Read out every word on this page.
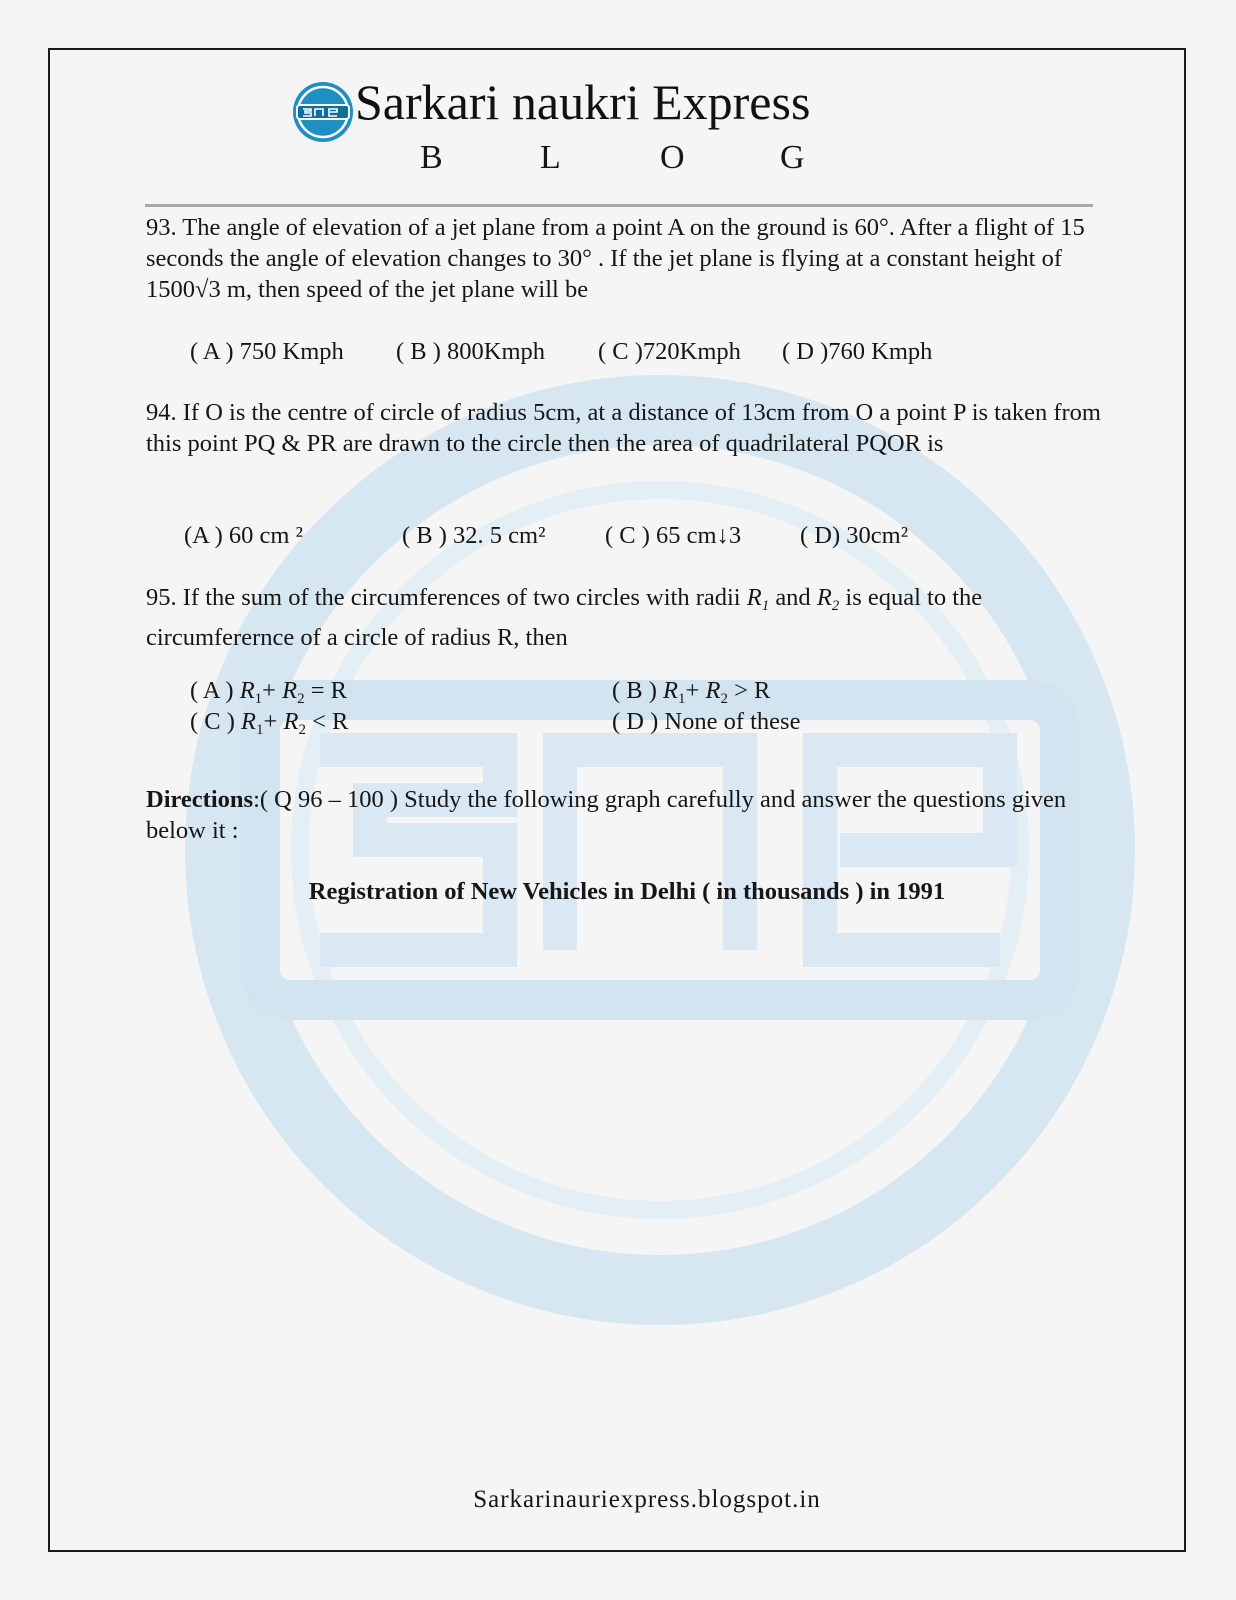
Sarkari naukri Express
B	L	O	G
93. The angle of elevation of a jet plane from a point A on the ground is 60°. After a flight of 15 seconds the angle of elevation changes to 30° . If the jet plane is flying at a constant height of 1500√3 m, then speed of the jet plane will be
( A ) 750 Kmph ( B ) 800Kmph ( C )720Kmph ( D )760 Kmph
94. If O is the centre of circle of radius 5cm, at a distance of 13cm from O a point P is taken from this point PQ & PR are drawn to the circle then the area of quadrilateral PQOR is
(A ) 60 cm ²	( B ) 32. 5 cm² ( C ) 65 cm↓3 ( D) 30cm²
95. If the sum of the circumferences of two circles with radii $R_1$ and $R_2$ is equal to the circumferernce of a circle of radius R, then
( A ) $R_1+ R_2 = R$	( B ) $R_1+ R_2 > R$
( C ) $R_1+ R_2 < R$	( D ) None of these
Directions:( Q 96 – 100 ) Study the following graph carefully and answer the questions given below it :
Registration of New Vehicles in Delhi ( in thousands ) in 1991
Sarkarinauriexpress.blogspot.in
